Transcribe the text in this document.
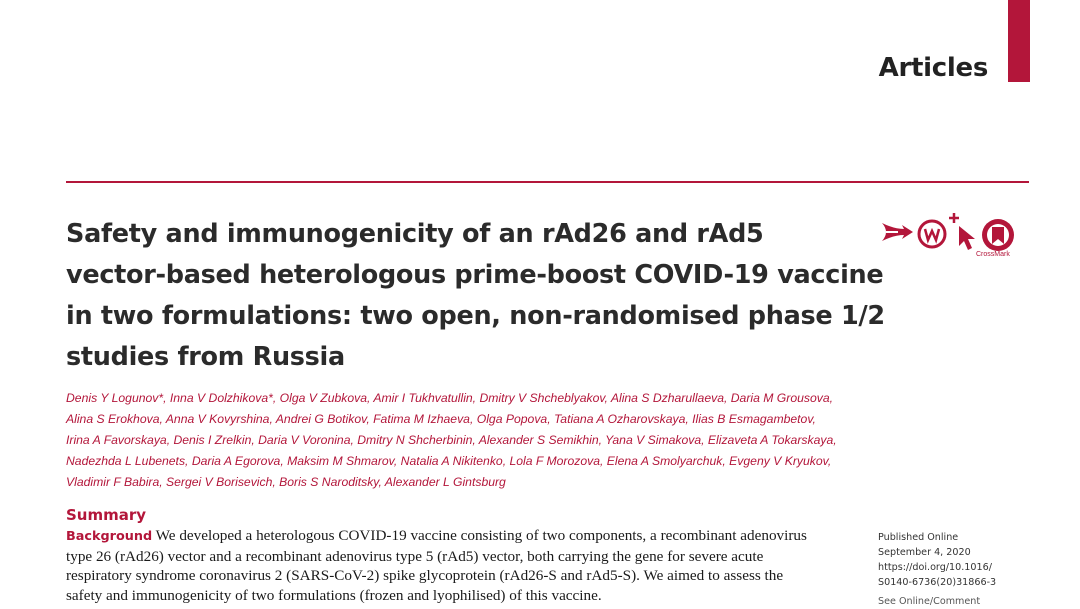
Articles
Safety and immunogenicity of an rAd26 and rAd5
vector-based heterologous prime-boost COVID-19 vaccine
in two formulations: two open, non-randomised phase 1/2
studies from Russia
CrossMark
Denis Y Logunov*, Inna V Dolzhikova*, Olga V Zubkova, Amir I Tukhvatullin, Dmitry V Shcheblyakov, Alina S Dzharullaeva, Daria M Grousova,
Alina S Erokhova, Anna V Kovyrshina, Andrei G Botikov, Fatima M Izhaeva, Olga Popova, Tatiana A Ozharovskaya, Ilias B Esmagambetov,
Irina A Favorskaya, Denis I Zrelkin, Daria V Voronina, Dmitry N Shcherbinin, Alexander S Semikhin, Yana V Simakova, Elizaveta A Tokarskaya,
Nadezhda L Lubenets, Daria A Egorova, Maksim M Shmarov, Natalia A Nikitenko, Lola F Morozova, Elena A Smolyarchuk, Evgeny V Kryukov,
Vladimir F Babira, Sergei V Borisevich, Boris S Naroditsky, Alexander L Gintsburg
Summary
Background We developed a heterologous COVID-19 vaccine consisting of two components, a recombinant adenovirus
type 26 (rAd26) vector and a recombinant adenovirus type 5 (rAd5) vector, both carrying the gene for severe acute
respiratory syndrome coronavirus 2 (SARS-CoV-2) spike glycoprotein (rAd26-S and rAd5-S). We aimed to assess the
safety and immunogenicity of two formulations (frozen and lyophilised) of this vaccine.
Published Online
September 4, 2020
https://doi.org/10.1016/
S0140-6736(20)31866-3
See Online/Comment
